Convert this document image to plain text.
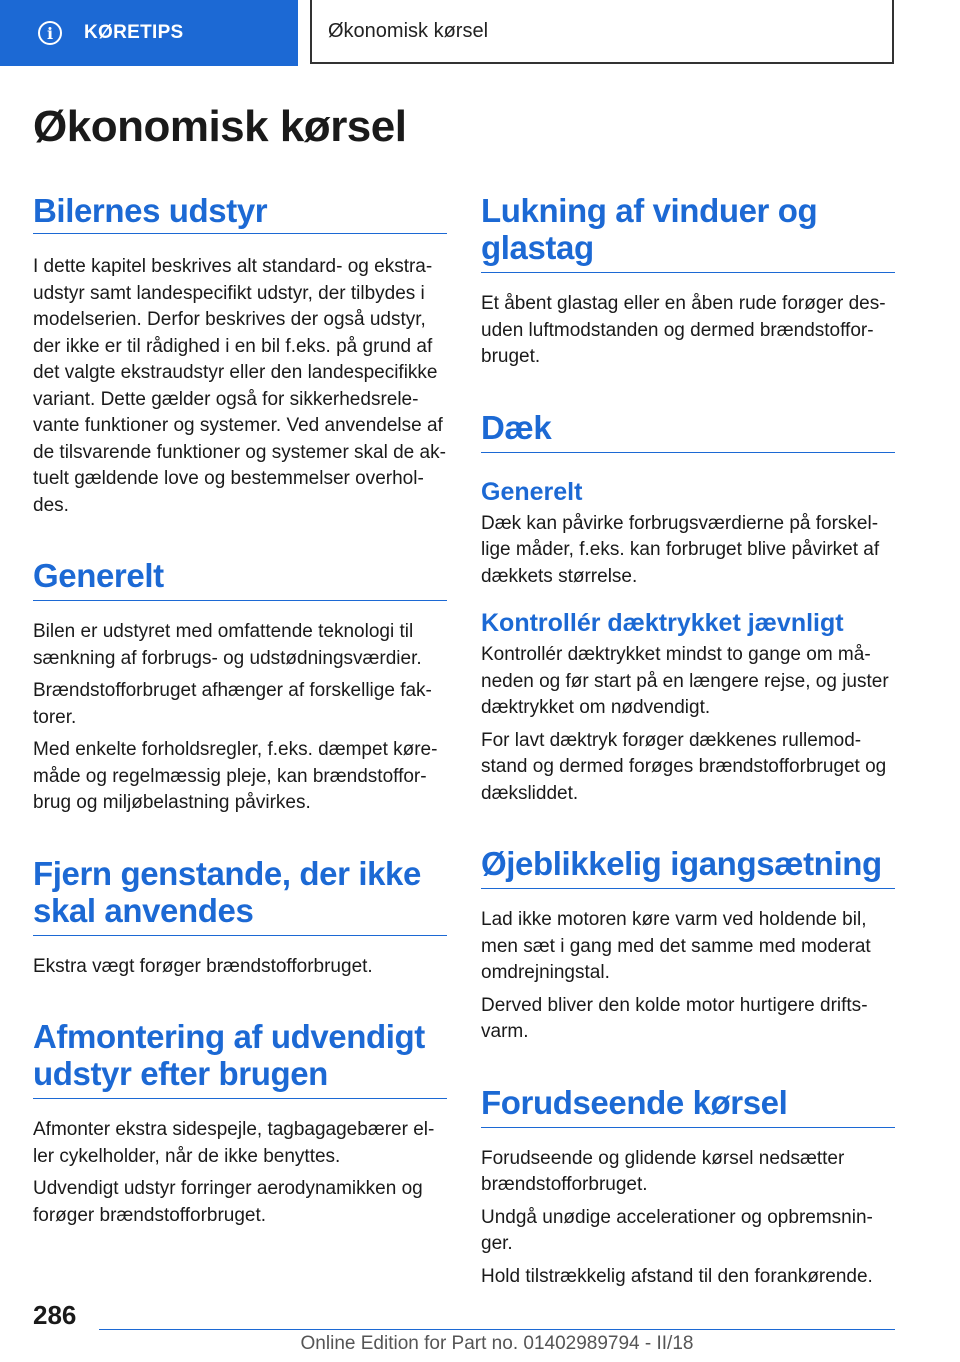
i	KØRETIPS	Økonomisk kørsel
Økonomisk kørsel
Bilernes udstyr

I dette kapitel beskrives alt standard- og ekstraudstyr samt landespecifikt udstyr, der tilbydes i modelserien. Derfor beskrives der også udstyr, der ikke er til rådighed i en bil f.eks. på grund af det valgte ekstraudstyr eller den landespecifikke variant. Dette gælder også for sikkerhedsrelevante funktioner og systemer. Ved anvendelse af de tilsvarende funktioner og systemer skal de aktuelt gældende love og bestemmelser overholdes.

Generelt

Bilen er udstyret med omfattende teknologi til sænkning af forbrugs- og udstødningsværdier.

Brændstofforbruget afhænger af forskellige faktorer.

Med enkelte forholdsregler, f.eks. dæmpet køremåde og regelmæssig pleje, kan brændstofforbrug og miljøbelastning påvirkes.

Fjern genstande, der ikke skal anvendes

Ekstra vægt forøger brændstofforbruget.

Afmontering af udvendigt udstyr efter brugen

Afmonter ekstra sidespejle, tagbagagebærer eller cykelholder, når de ikke benyttes.

Udvendigt udstyr forringer aerodynamikken og forøger brændstofforbruget.

Lukning af vinduer og glastag

Et åbent glastag eller en åben rude forøger desuden luftmodstanden og dermed brændstofforbruget.

Dæk
Generelt

Dæk kan påvirke forbrugsværdierne på forskellige måder, f.eks. kan forbruget blive påvirket af dækkets størrelse.

Kontrollér dæktrykket jævnligt

Kontrollér dæktrykket mindst to gange om måneden og før start på en længere rejse, og juster dæktrykket om nødvendigt.

For lavt dæktryk forøger dækkenes rullemodstand og dermed forøges brændstofforbruget og dæksliddet.

Øjeblikkelig igangsætning

Lad ikke motoren køre varm ved holdende bil, men sæt i gang med det samme med moderat omdrejningstal.

Derved bliver den kolde motor hurtigere driftsvarm.

Forudseende kørsel

Forudseende og glidende kørsel nedsætter brændstofforbruget.

Undgå unødige accelerationer og opbremsninger.

Hold tilstrækkelig afstand til den forankørende.

286
Online Edition for Part no. 01402989794 - II/18
